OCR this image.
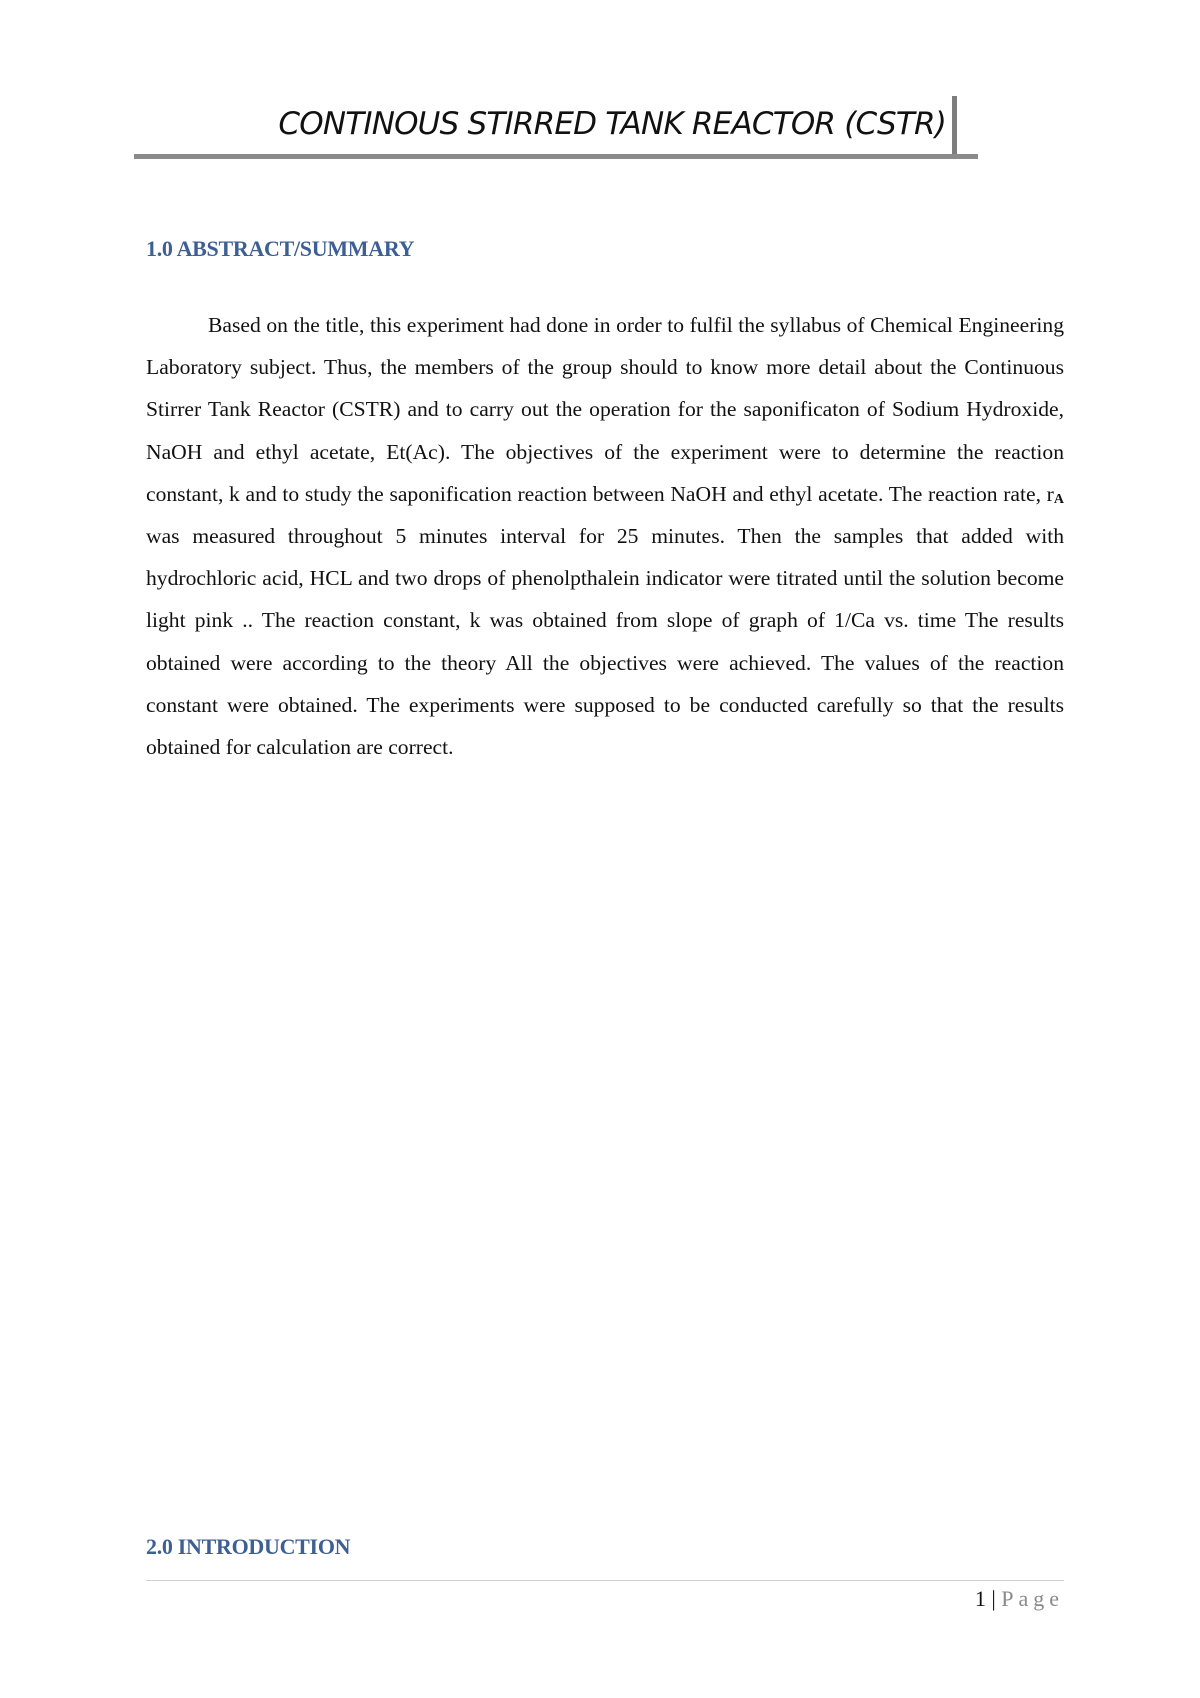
CONTINOUS STIRRED TANK REACTOR (CSTR)
1.0 ABSTRACT/SUMMARY

Based on the title, this experiment had done in order to fulfil the syllabus of Chemical Engineering Laboratory subject. Thus, the members of the group should to know more detail about the Continuous Stirrer Tank Reactor (CSTR) and to carry out the operation for the saponificaton of Sodium Hydroxide, NaOH and ethyl acetate, Et(Ac). The objectives of the experiment were to determine the reaction constant, k and to study the saponification reaction between NaOH and ethyl acetate. The reaction rate, $r_A$ was measured throughout 5 minutes interval for 25 minutes. Then the samples that added with hydrochloric acid, HCL and two drops of phenolpthalein indicator were titrated until the solution become light pink .. The reaction constant, k was obtained from slope of graph of 1/Ca vs. time The results obtained were according to the theory All the objectives were achieved. The values of the reaction constant were obtained. The experiments were supposed to be conducted carefully so that the results obtained for calculation are correct.

2.0 INTRODUCTION
1 | Page
